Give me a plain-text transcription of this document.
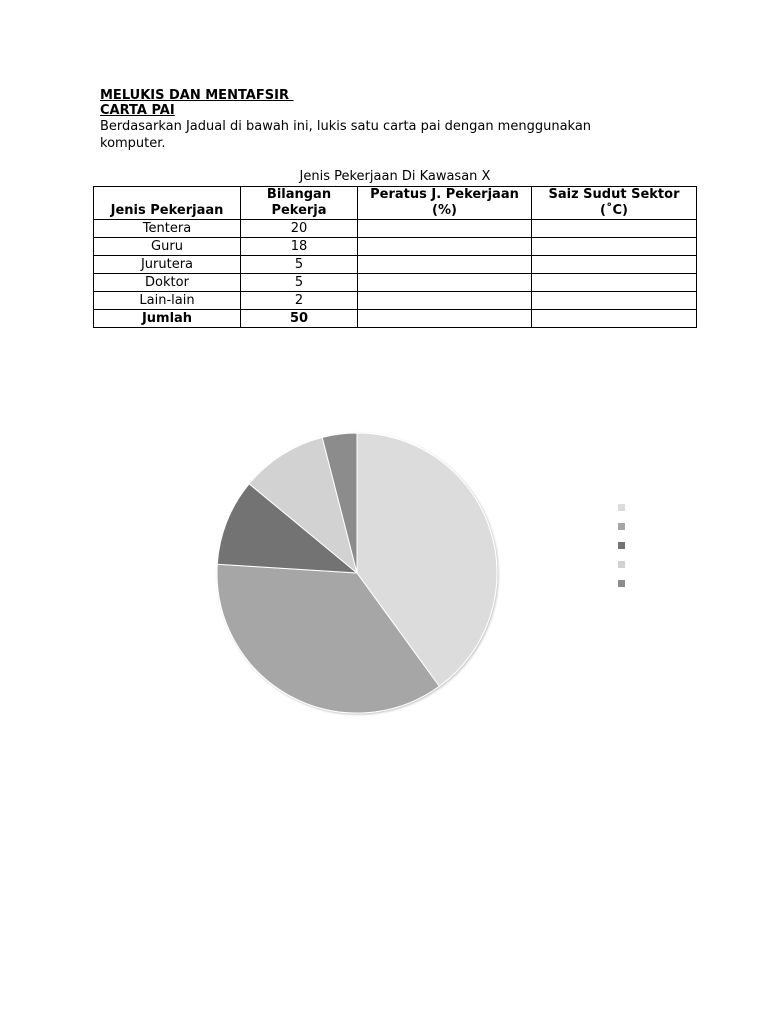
MELUKIS DAN MENTAFSIR
CARTA PAI
Berdasarkan Jadual di bawah ini, lukis satu carta pai dengan menggunakan komputer.
Jenis Pekerjaan Di Kawasan X
Jenis Pekerjaan	Bilangan Pekerja	Peratus J. Pekerjaan (%)	Saiz Sudut Sektor (˚C)
Tentera	20		
Guru	18		
Jurutera	5		
Doktor	5		
Lain-lain	2		
Jumlah	50		
